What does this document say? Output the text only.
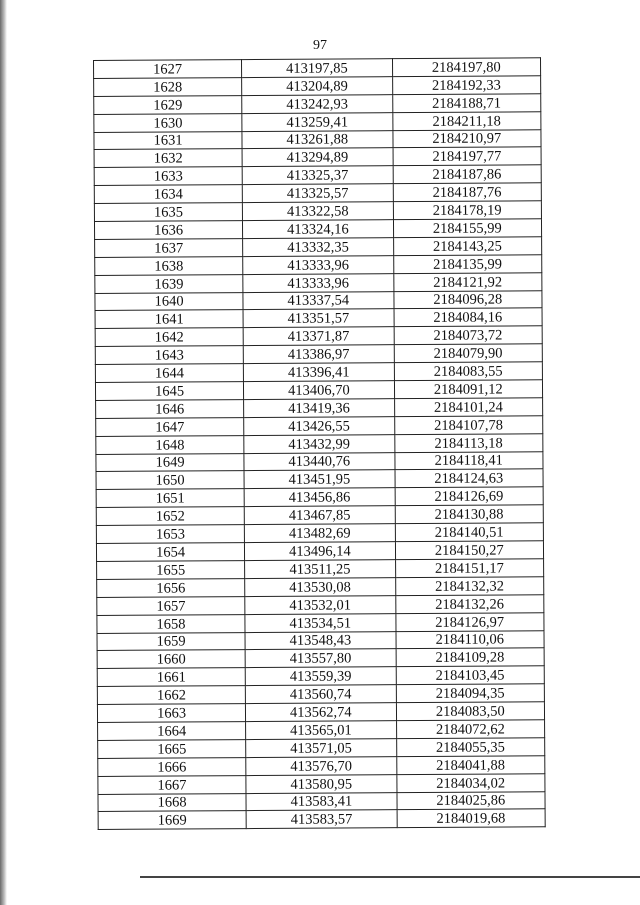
97
1627	413197,85	2184197,80
1628	413204,89	2184192,33
1629	413242,93	2184188,71
1630	413259,41	2184211,18
1631	413261,88	2184210,97
1632	413294,89	2184197,77
1633	413325,37	2184187,86
1634	413325,57	2184187,76
1635	413322,58	2184178,19
1636	413324,16	2184155,99
1637	413332,35	2184143,25
1638	413333,96	2184135,99
1639	413333,96	2184121,92
1640	413337,54	2184096,28
1641	413351,57	2184084,16
1642	413371,87	2184073,72
1643	413386,97	2184079,90
1644	413396,41	2184083,55
1645	413406,70	2184091,12
1646	413419,36	2184101,24
1647	413426,55	2184107,78
1648	413432,99	2184113,18
1649	413440,76	2184118,41
1650	413451,95	2184124,63
1651	413456,86	2184126,69
1652	413467,85	2184130,88
1653	413482,69	2184140,51
1654	413496,14	2184150,27
1655	413511,25	2184151,17
1656	413530,08	2184132,32
1657	413532,01	2184132,26
1658	413534,51	2184126,97
1659	413548,43	2184110,06
1660	413557,80	2184109,28
1661	413559,39	2184103,45
1662	413560,74	2184094,35
1663	413562,74	2184083,50
1664	413565,01	2184072,62
1665	413571,05	2184055,35
1666	413576,70	2184041,88
1667	413580,95	2184034,02
1668	413583,41	2184025,86
1669	413583,57	2184019,68
